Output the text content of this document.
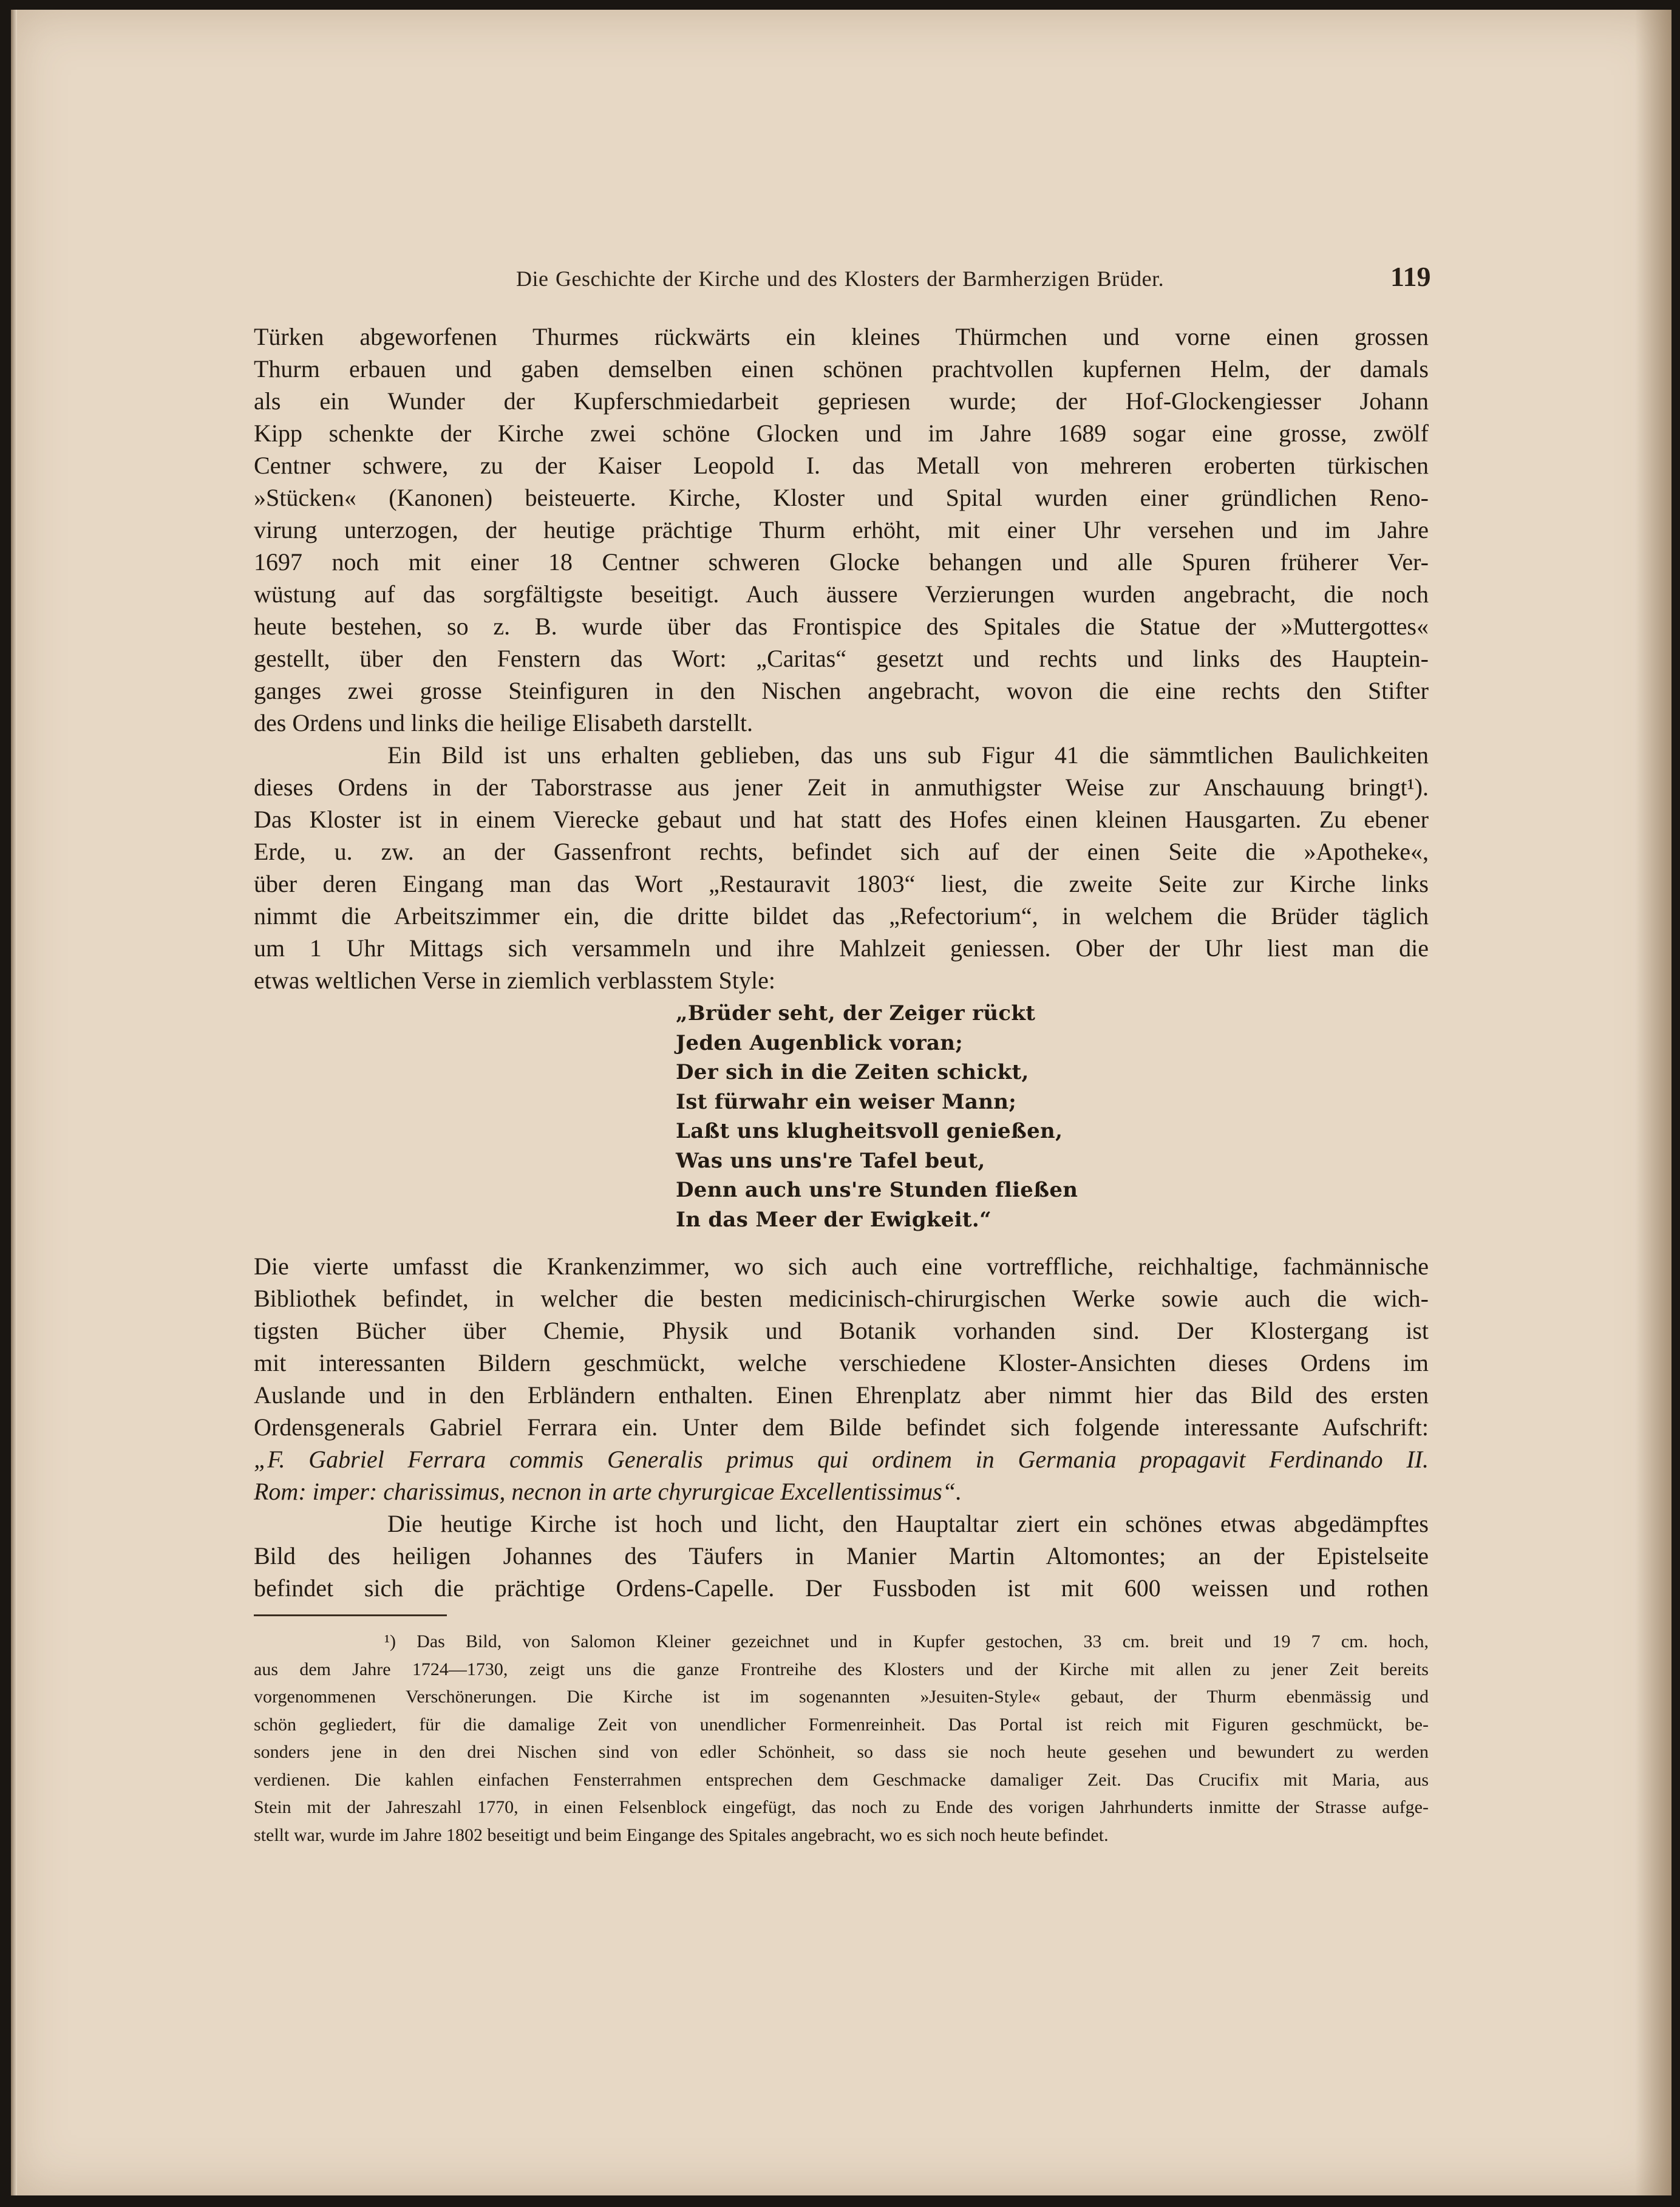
Die Geschichte der Kirche und des Klosters der Barmherzigen Brüder.	119
Türken abgeworfenen Thurmes rückwärts ein kleines Thürmchen und vorne einen grossen
Thurm erbauen und gaben demselben einen schönen prachtvollen kupfernen Helm, der damals
als ein Wunder der Kupferschmiedarbeit gepriesen wurde; der Hof-Glockengiesser Johann
Kipp schenkte der Kirche zwei schöne Glocken und im Jahre 1689 sogar eine grosse, zwölf
Centner schwere, zu der Kaiser Leopold I. das Metall von mehreren eroberten türkischen
»Stücken« (Kanonen) beisteuerte. Kirche, Kloster und Spital wurden einer gründlichen Reno-
virung unterzogen, der heutige prächtige Thurm erhöht, mit einer Uhr versehen und im Jahre
1697 noch mit einer 18 Centner schweren Glocke behangen und alle Spuren früherer Ver-
wüstung auf das sorgfältigste beseitigt. Auch äussere Verzierungen wurden angebracht, die noch
heute bestehen, so z. B. wurde über das Frontispice des Spitales die Statue der »Muttergottes«
gestellt, über den Fenstern das Wort: „Caritas“ gesetzt und rechts und links des Hauptein-
ganges zwei grosse Steinfiguren in den Nischen angebracht, wovon die eine rechts den Stifter
des Ordens und links die heilige Elisabeth darstellt.
Ein Bild ist uns erhalten geblieben, das uns sub Figur 41 die sämmtlichen Baulichkeiten
dieses Ordens in der Taborstrasse aus jener Zeit in anmuthigster Weise zur Anschauung bringt¹).
Das Kloster ist in einem Vierecke gebaut und hat statt des Hofes einen kleinen Hausgarten. Zu ebener
Erde, u. zw. an der Gassenfront rechts, befindet sich auf der einen Seite die »Apotheke«,
über deren Eingang man das Wort „Restauravit 1803“ liest, die zweite Seite zur Kirche links
nimmt die Arbeitszimmer ein, die dritte bildet das „Refectorium“, in welchem die Brüder täglich
um 1 Uhr Mittags sich versammeln und ihre Mahlzeit geniessen. Ober der Uhr liest man die
etwas weltlichen Verse in ziemlich verblasstem Style:
„Brüder seht, der Zeiger rückt
Jeden Augenblick voran;
Der sich in die Zeiten schickt,
Ist fürwahr ein weiser Mann;
Laßt uns klugheitsvoll genießen,
Was uns uns're Tafel beut,
Denn auch uns're Stunden fließen
In das Meer der Ewigkeit.“
Die vierte umfasst die Krankenzimmer, wo sich auch eine vortreffliche, reichhaltige, fachmännische
Bibliothek befindet, in welcher die besten medicinisch-chirurgischen Werke sowie auch die wich-
tigsten Bücher über Chemie, Physik und Botanik vorhanden sind. Der Klostergang ist
mit interessanten Bildern geschmückt, welche verschiedene Kloster-Ansichten dieses Ordens im
Auslande und in den Erbländern enthalten. Einen Ehrenplatz aber nimmt hier das Bild des ersten
Ordensgenerals Gabriel Ferrara ein. Unter dem Bilde befindet sich folgende interessante Aufschrift:
„F. Gabriel Ferrara commis Generalis primus qui ordinem in Germania propagavit Ferdinando II.
Rom: imper: charissimus, necnon in arte chyrurgicae Excellentissimus“.
Die heutige Kirche ist hoch und licht, den Hauptaltar ziert ein schönes etwas abgedämpftes
Bild des heiligen Johannes des Täufers in Manier Martin Altomontes; an der Epistelseite
befindet sich die prächtige Ordens-Capelle. Der Fussboden ist mit 600 weissen und rothen
¹) Das Bild, von Salomon Kleiner gezeichnet und in Kupfer gestochen, 33 cm. breit und 19 7 cm. hoch,
aus dem Jahre 1724—1730, zeigt uns die ganze Frontreihe des Klosters und der Kirche mit allen zu jener Zeit bereits
vorgenommenen Verschönerungen. Die Kirche ist im sogenannten »Jesuiten-Style« gebaut, der Thurm ebenmässig und
schön gegliedert, für die damalige Zeit von unendlicher Formenreinheit. Das Portal ist reich mit Figuren geschmückt, be-
sonders jene in den drei Nischen sind von edler Schönheit, so dass sie noch heute gesehen und bewundert zu werden
verdienen. Die kahlen einfachen Fensterrahmen entsprechen dem Geschmacke damaliger Zeit. Das Crucifix mit Maria, aus
Stein mit der Jahreszahl 1770, in einen Felsenblock eingefügt, das noch zu Ende des vorigen Jahrhunderts inmitte der Strasse aufge-
stellt war, wurde im Jahre 1802 beseitigt und beim Eingange des Spitales angebracht, wo es sich noch heute befindet.
